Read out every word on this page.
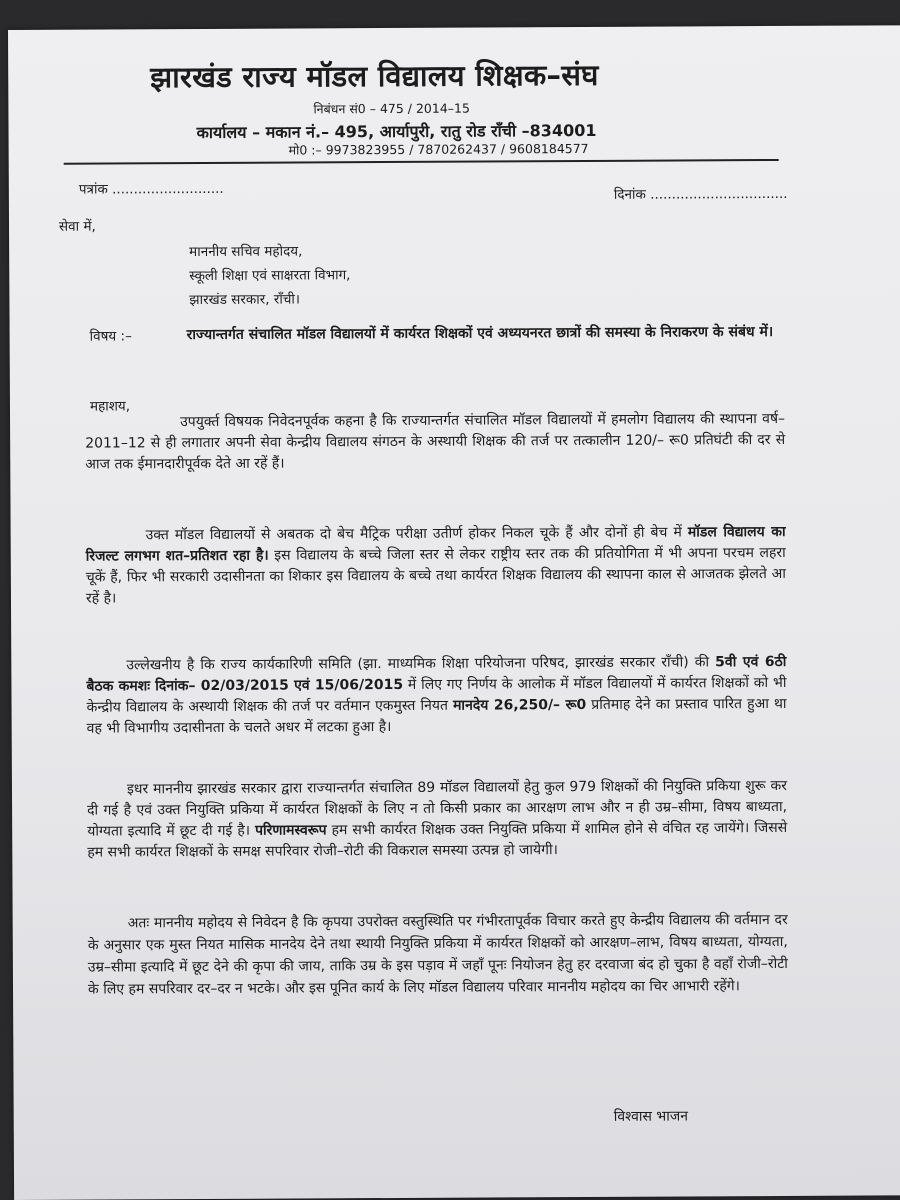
झारखंड राज्य मॉडल विद्यालय शिक्षक–संघ
निबंधन सं0 – 475 / 2014–15
कार्यालय – मकान नं.– 495, आर्यापुरी, रातु रोड राँची –834001
मो0 :– 9973823955 / 7870262437 / 9608184577
पत्रांक ..........................	दिनांक ................................
सेवा में,
माननीय सचिव महोदय,
स्कूली शिक्षा एवं साक्षरता विभाग,
झारखंड सरकार, राँची।
विषय :–	राज्यान्तर्गत संचालित मॉडल विद्यालयों में कार्यरत शिक्षकों एवं अध्ययनरत छात्रों की समस्या के निराकरण के संबंध में।
महाशय,
उपयुर्क्त विषयक निवेदनपूर्वक कहना है कि राज्यान्तर्गत संचालित मॉडल विद्यालयों में हमलोग विद्यालय की स्थापना वर्ष–2011–12 से ही लगातार अपनी सेवा केन्द्रीय विद्यालय संगठन के अस्थायी शिक्षक की तर्ज पर तत्कालीन 120/– रू0 प्रतिघंटी की दर से आज तक ईमानदारीपूर्वक देते आ रहें हैं।
उक्त मॉडल विद्यालयों से अबतक दो बेच मैट्रिक परीक्षा उतीर्ण होकर निकल चूके हैं और दोनों ही बेच में मॉडल विद्यालय का रिजल्ट लगभग शत–प्रतिशत रहा है। इस विद्यालय के बच्चे जिला स्तर से लेकर राष्ट्रीय स्तर तक की प्रतियोगिता में भी अपना परचम लहरा चूकें हैं, फिर भी सरकारी उदासीनता का शिकार इस विद्यालय के बच्चे तथा कार्यरत शिक्षक विद्यालय की स्थापना काल से आजतक झेलते आ रहें है।
उल्लेखनीय है कि राज्य कार्यकारिणी समिति (झा. माध्यमिक शिक्षा परियोजना परिषद, झारखंड सरकार राँची) की 5वी एवं 6ठी बैठक कमशः दिनांक– 02/03/2015 एवं 15/06/2015 में लिए गए निर्णय के आलोक में मॉडल विद्यालयों में कार्यरत शिक्षकों को भी केन्द्रीय विद्यालय के अस्थायी शिक्षक की तर्ज पर वर्तमान एकमुस्त नियत मानदेय 26,250/– रू0 प्रतिमाह देने का प्रस्ताव पारित हुआ था वह भी विभागीय उदासीनता के चलते अधर में लटका हुआ है।
इधर माननीय झारखंड सरकार द्वारा राज्यान्तर्गत संचालित 89 मॉडल विद्यालयों हेतु कुल 979 शिक्षकों की नियुक्ति प्रकिया शुरू कर दी गई है एवं उक्त नियुक्ति प्रकिया में कार्यरत शिक्षकों के लिए न तो किसी प्रकार का आरक्षण लाभ और न ही उम्र–सीमा, विषय बाध्यता, योग्यता इत्यादि में छूट दी गई है। परिणामस्वरूप हम सभी कार्यरत शिक्षक उक्त नियुक्ति प्रकिया में शामिल होने से वंचित रह जायेंगे। जिससे हम सभी कार्यरत शिक्षकों के समक्ष सपरिवार रोजी–रोटी की विकराल समस्या उत्पन्न हो जायेगी।
अतः माननीय महोदय से निवेदन है कि कृपया उपरोक्त वस्तुस्थिति पर गंभीरतापूर्वक विचार करते हुए केन्द्रीय विद्यालय की वर्तमान दर के अनुसार एक मुस्त नियत मासिक मानदेय देने तथा स्थायी नियुक्ति प्रकिया में कार्यरत शिक्षकों को आरक्षण–लाभ, विषय बाध्यता, योग्यता, उम्र–सीमा इत्यादि में छूट देने की कृपा की जाय, ताकि उम्र के इस पड़ाव में जहाँ पूनः नियोजन हेतु हर दरवाजा बंद हो चुका है वहाँ रोजी–रोटी के लिए हम सपरिवार दर–दर न भटके। और इस पूनित कार्य के लिए मॉडल विद्यालय परिवार माननीय महोदय का चिर आभारी रहेंगे।
विश्वास भाजन
